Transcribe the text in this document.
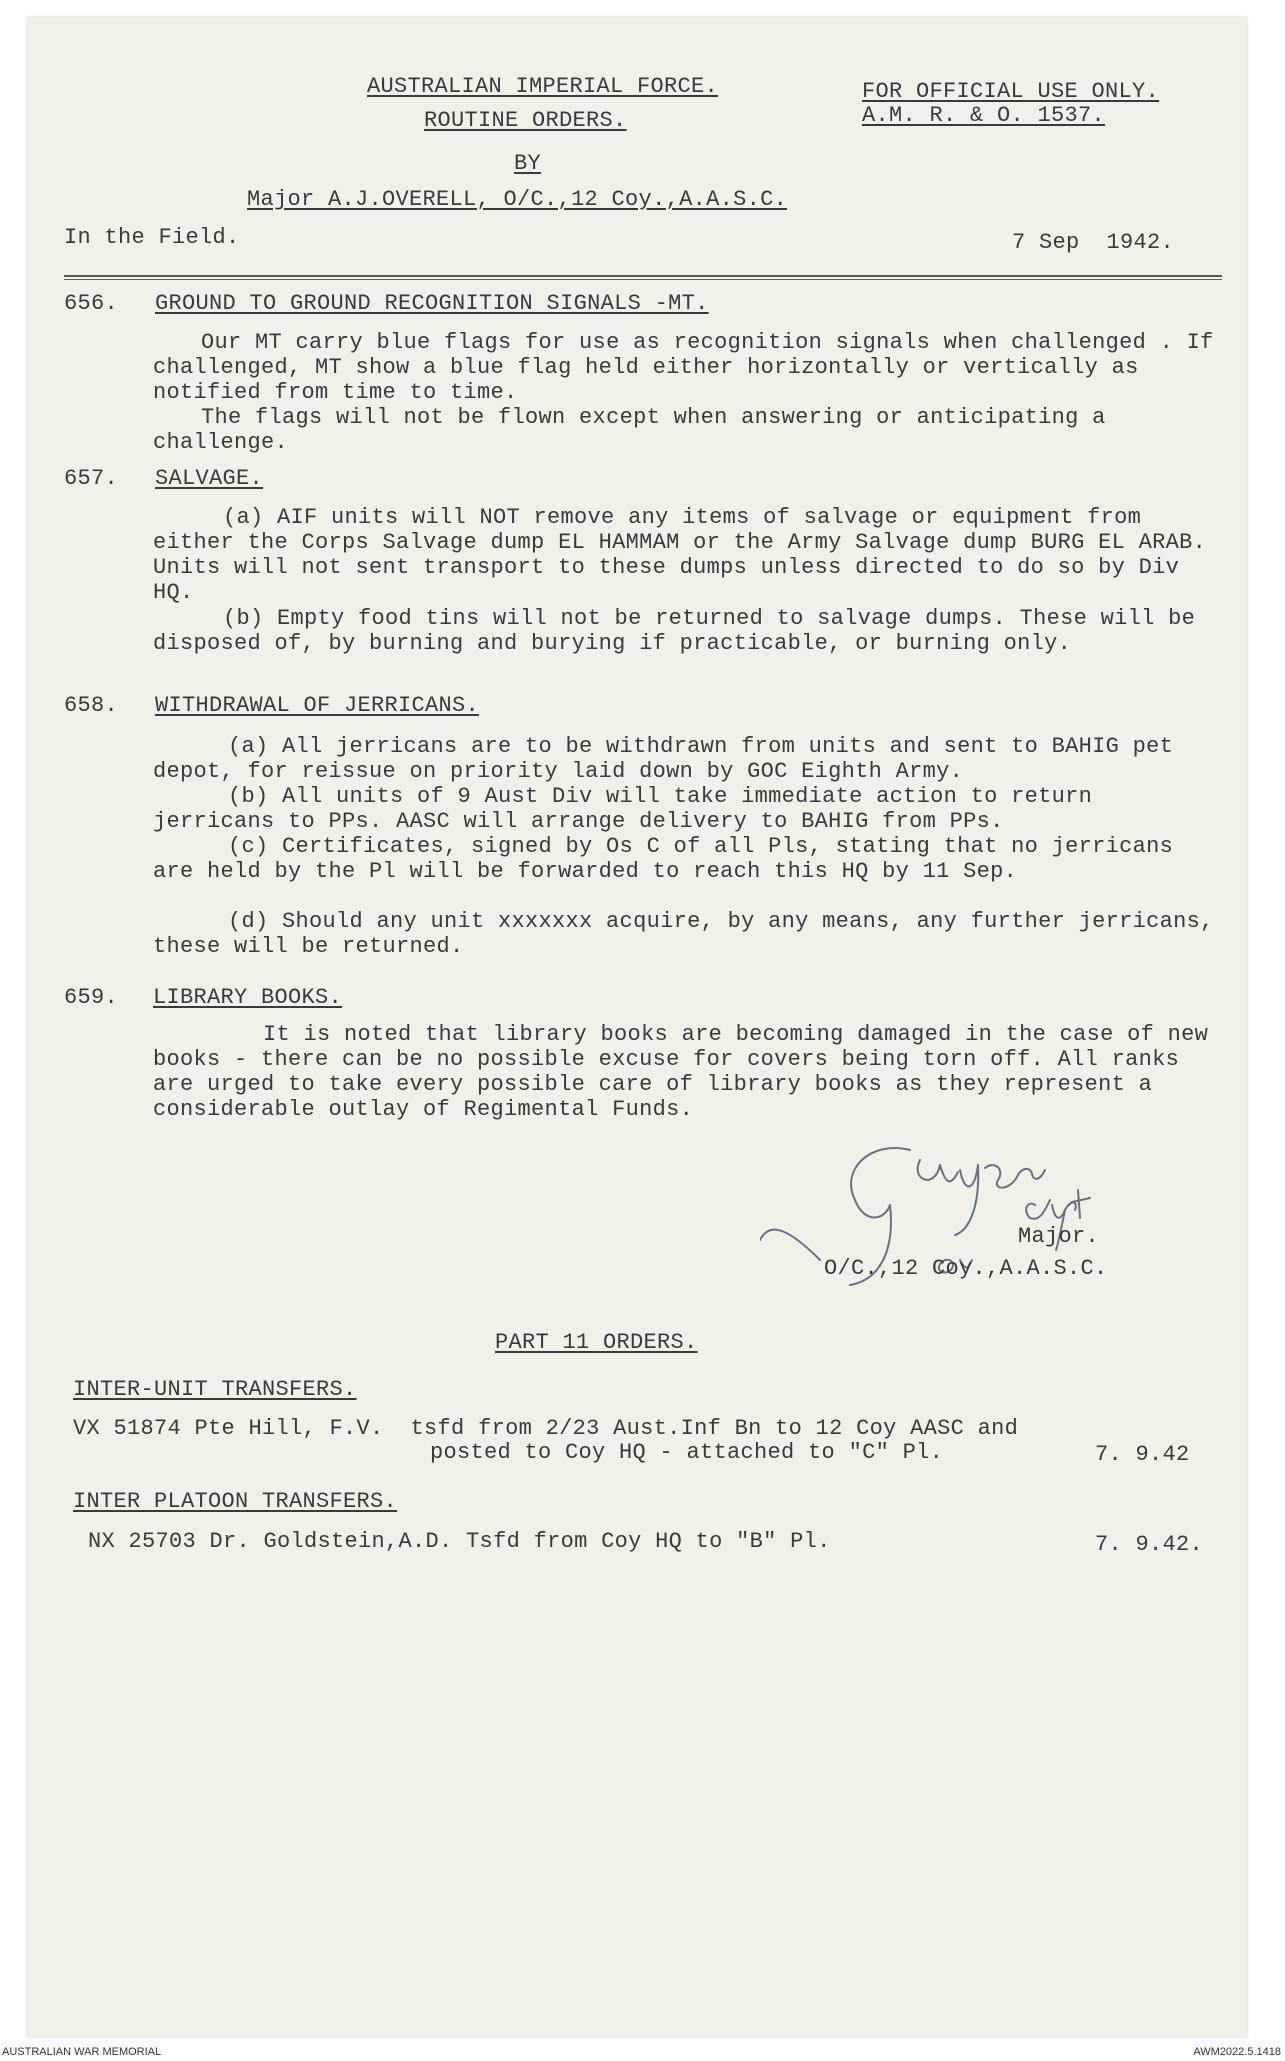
AUSTRALIAN IMPERIAL FORCE.
ROUTINE ORDERS.
BY
Major A.J.OVERELL, O/C.,12 Coy.,A.A.S.C.
FOR OFFICIAL USE ONLY.
A.M. R. & O. 1537.
In the Field.	7 Sep  1942.
656. GROUND TO GROUND RECOGNITION SIGNALS -MT.
Our MT carry blue flags for use as recognition signals when challenged . If challenged, MT show a blue flag held either horizontally or vertically as notified from time to time.
The flags will not be flown except when answering or anticipating a challenge.
657. SALVAGE.
(a) AIF units will NOT remove any items of salvage or equipment from either the Corps Salvage dump EL HAMMAM or the Army Salvage dump BURG EL ARAB. Units will not sent transport to these dumps unless directed to do so by Div HQ.
(b) Empty food tins will not be returned to salvage dumps. These will be disposed of, by burning and burying if practicable, or burning only.
658. WITHDRAWAL OF JERRICANS.
(a) All jerricans are to be withdrawn from units and sent to BAHIG pet depot, for reissue on priority laid down by GOC Eighth Army.
(b) All units of 9 Aust Div will take immediate action to return jerricans to PPs. AASC will arrange delivery to BAHIG from PPs.
(c) Certificates, signed by Os C of all Pls, stating that no jerricans are held by the Pl will be forwarded to reach this HQ by 11 Sep.
(d) Should any unit xxxxxxx acquire, by any means, any further jerricans, these will be returned.
659. LIBRARY BOOKS.
It is noted that library books are becoming damaged in the case of new books - there can be no possible excuse for covers being torn off. All ranks are urged to take every possible care of library books as they represent a considerable outlay of Regimental Funds.	Grayson Capt for
Major.
O/C.,12 Coy.,A.A.S.C.
PART 11 ORDERS.
INTER-UNIT TRANSFERS.
VX 51874 Pte Hill, F.V.  tsfd from 2/23 Aust.Inf Bn to 12 Coy AASC and
posted to Coy HQ - attached to "C" Pl.	7. 9.42
INTER PLATOON TRANSFERS.
NX 25703 Dr. Goldstein,A.D. Tsfd from Coy HQ to "B" Pl.	7. 9.42.
AUSTRALIAN WAR MEMORIAL	AWM2022.5.1418
